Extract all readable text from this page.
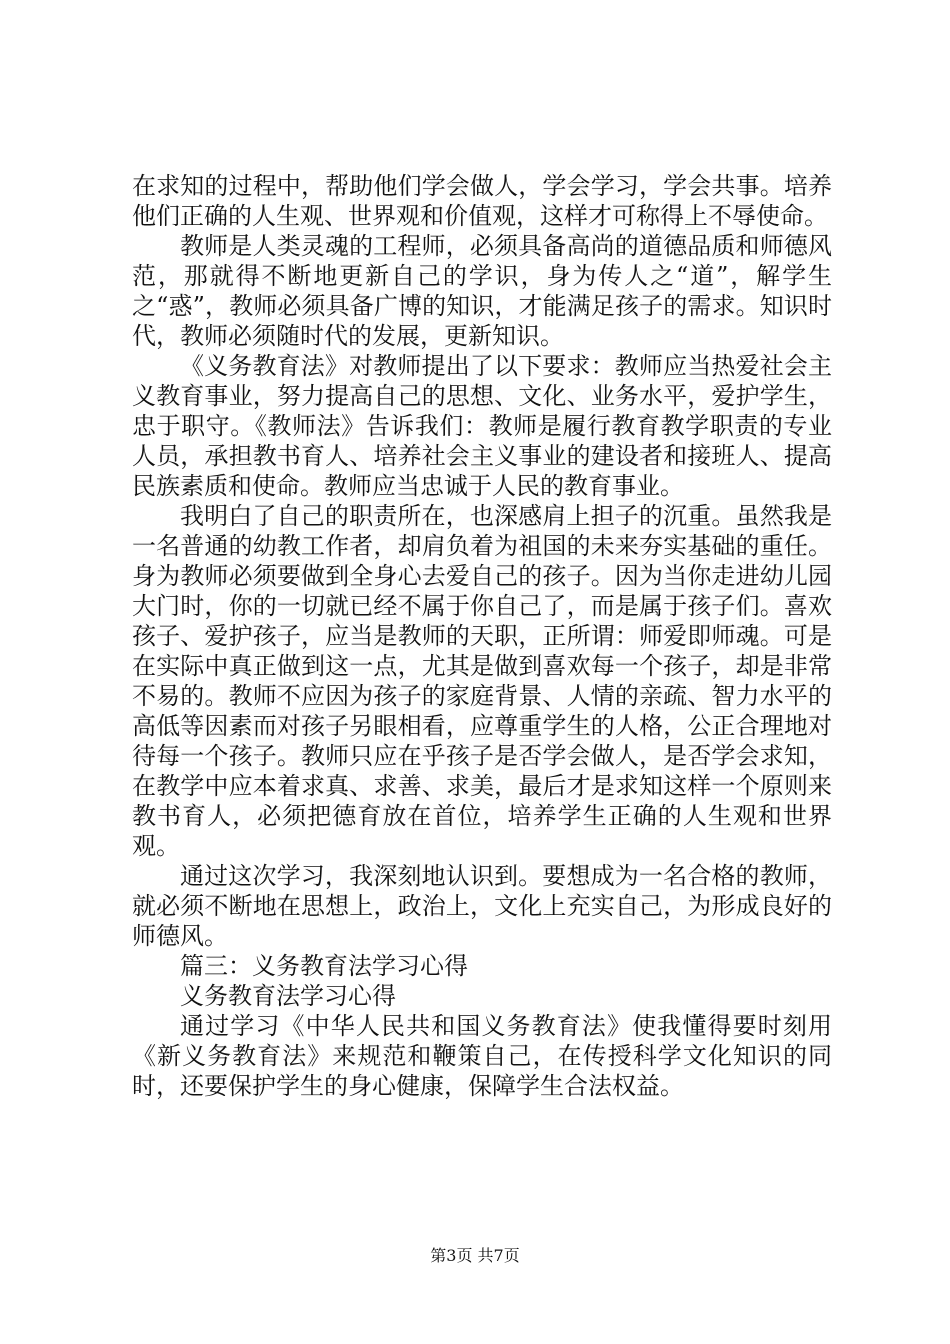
在求知的过程中，帮助他们学会做人，学会学习，学会共事。培养他们正确的人生观、世界观和价值观，这样才可称得上不辱使命。

教师是人类灵魂的工程师，必须具备高尚的道德品质和师德风范，那就得不断地更新自己的学识，身为传人之“道”，解学生之“惑”，教师必须具备广博的知识，才能满足孩子的需求。知识时代，教师必须随时代的发展，更新知识。

《义务教育法》对教师提出了以下要求：教师应当热爱社会主义教育事业，努力提高自己的思想、文化、业务水平，爱护学生，忠于职守。《教师法》告诉我们：教师是履行教育教学职责的专业人员，承担教书育人、培养社会主义事业的建设者和接班人、提高民族素质和使命。教师应当忠诚于人民的教育事业。

我明白了自己的职责所在，也深感肩上担子的沉重。虽然我是一名普通的幼教工作者，却肩负着为祖国的未来夯实基础的重任。身为教师必须要做到全身心去爱自己的孩子。因为当你走进幼儿园大门时，你的一切就已经不属于你自己了，而是属于孩子们。喜欢孩子、爱护孩子，应当是教师的天职，正所谓：师爱即师魂。可是在实际中真正做到这一点，尤其是做到喜欢每一个孩子，却是非常不易的。教师不应因为孩子的家庭背景、人情的亲疏、智力水平的高低等因素而对孩子另眼相看，应尊重学生的人格，公正合理地对待每一个孩子。教师只应在乎孩子是否学会做人，是否学会求知，在教学中应本着求真、求善、求美，最后才是求知这样一个原则来教书育人，必须把德育放在首位，培养学生正确的人生观和世界观。

通过这次学习，我深刻地认识到。要想成为一名合格的教师，就必须不断地在思想上，政治上，文化上充实自己，为形成良好的师德风。

篇三：义务教育法学习心得

义务教育法学习心得

通过学习《中华人民共和国义务教育法》使我懂得要时刻用《新义务教育法》来规范和鞭策自己，在传授科学文化知识的同时，还要保护学生的身心健康，保障学生合法权益。

第3页 共7页
